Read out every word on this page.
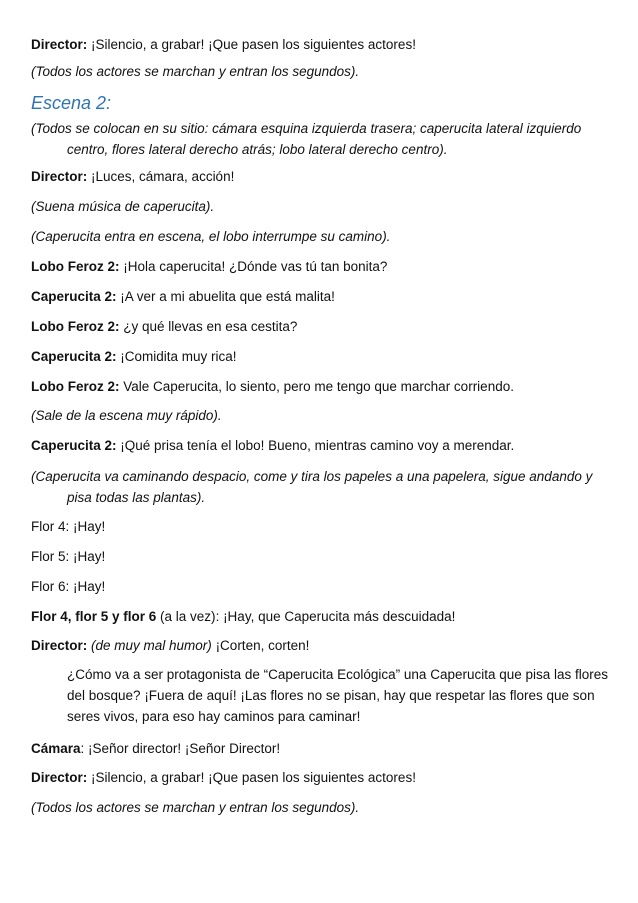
Director: ¡Silencio, a grabar! ¡Que pasen los siguientes actores!
(Todos los actores se marchan y entran los segundos).
Escena 2:
(Todos se colocan en su sitio: cámara esquina izquierda trasera; caperucita lateral izquierdo centro, flores lateral derecho atrás; lobo lateral derecho centro).
Director: ¡Luces, cámara, acción!
(Suena música de caperucita).
(Caperucita entra en escena, el lobo interrumpe su camino).
Lobo Feroz 2: ¡Hola caperucita! ¿Dónde vas tú tan bonita?
Caperucita 2: ¡A ver a mi abuelita que está malita!
Lobo Feroz 2: ¿y qué llevas en esa cestita?
Caperucita 2: ¡Comidita muy rica!
Lobo Feroz 2: Vale Caperucita, lo siento, pero me tengo que marchar corriendo.
(Sale de la escena muy rápido).
Caperucita 2: ¡Qué prisa tenía el lobo! Bueno, mientras camino voy a merendar.
(Caperucita va caminando despacio, come y tira los papeles a una papelera, sigue andando y pisa todas las plantas).
Flor 4: ¡Hay!
Flor 5: ¡Hay!
Flor 6: ¡Hay!
Flor 4, flor 5 y flor 6 (a la vez): ¡Hay, que Caperucita más descuidada!
Director: (de muy mal humor) ¡Corten, corten!
¿Cómo va a ser protagonista de “Caperucita Ecológica” una Caperucita que pisa las flores del bosque? ¡Fuera de aquí! ¡Las flores no se pisan, hay que respetar las flores que son seres vivos, para eso hay caminos para caminar!
Cámara: ¡Señor director! ¡Señor Director!
Director: ¡Silencio, a grabar! ¡Que pasen los siguientes actores!
(Todos los actores se marchan y entran los segundos).
